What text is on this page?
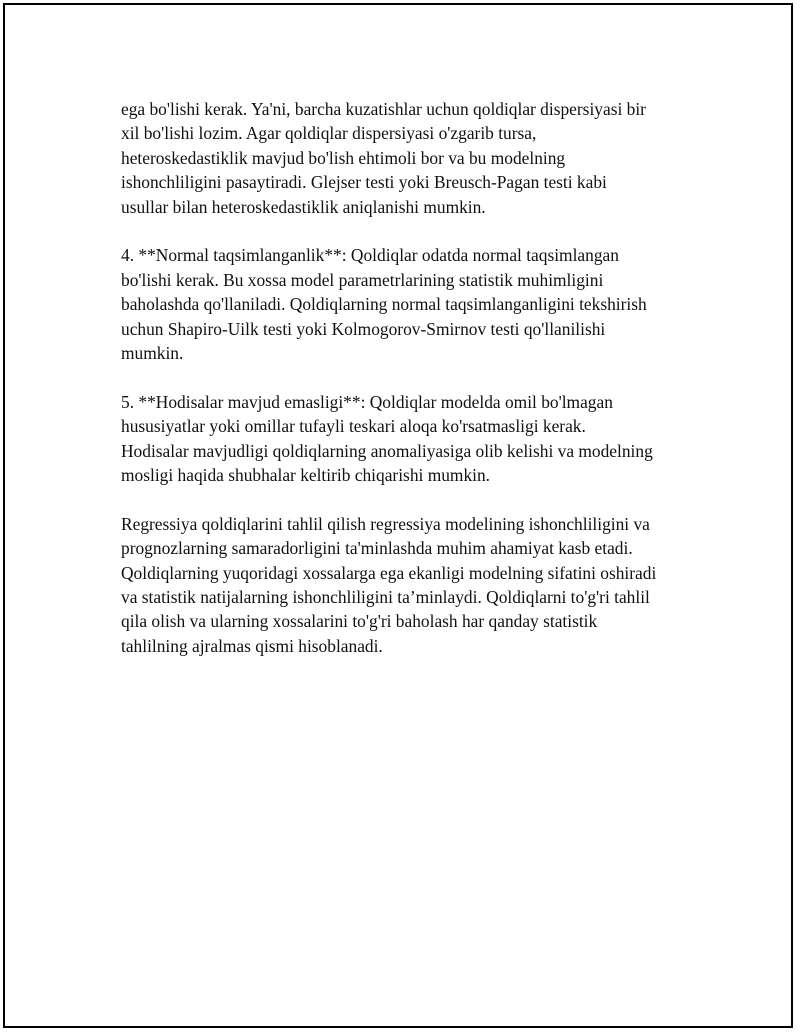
ega bo'lishi kerak. Ya'ni, barcha kuzatishlar uchun qoldiqlar dispersiyasi bir
xil bo'lishi lozim. Agar qoldiqlar dispersiyasi o'zgarib tursa,
heteroskedastiklik mavjud bo'lish ehtimoli bor va bu modelning
ishonchliligini pasaytiradi. Glejser testi yoki Breusch-Pagan testi kabi
usullar bilan heteroskedastiklik aniqlanishi mumkin.

4. **Normal taqsimlanganlik**: Qoldiqlar odatda normal taqsimlangan
bo'lishi kerak. Bu xossa model parametrlarining statistik muhimligini
baholashda qo'llaniladi. Qoldiqlarning normal taqsimlanganligini tekshirish
uchun Shapiro-Uilk testi yoki Kolmogorov-Smirnov testi qo'llanilishi
mumkin.

5. **Hodisalar mavjud emasligi**: Qoldiqlar modelda omil bo'lmagan
hususiyatlar yoki omillar tufayli teskari aloqa ko'rsatmasligi kerak.
Hodisalar mavjudligi qoldiqlarning anomaliyasiga olib kelishi va modelning
mosligi haqida shubhalar keltirib chiqarishi mumkin.

Regressiya qoldiqlarini tahlil qilish regressiya modelining ishonchliligini va
prognozlarning samaradorligini ta'minlashda muhim ahamiyat kasb etadi.
Qoldiqlarning yuqoridagi xossalarga ega ekanligi modelning sifatini oshiradi
va statistik natijalarning ishonchliligini ta’minlaydi. Qoldiqlarni to'g'ri tahlil
qila olish va ularning xossalarini to'g'ri baholash har qanday statistik
tahlilning ajralmas qismi hisoblanadi.
